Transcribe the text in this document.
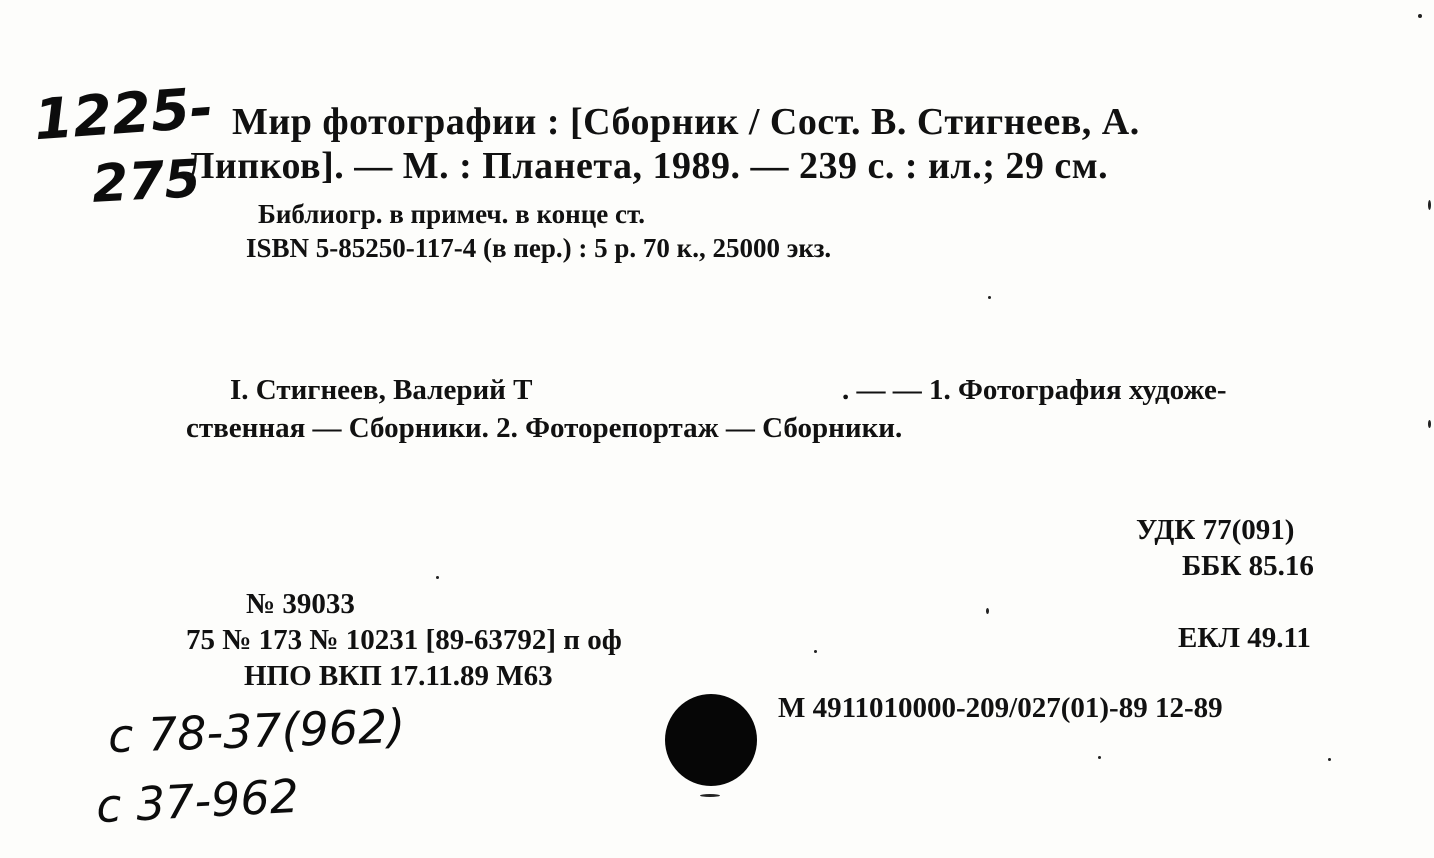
1225-
275
Мир фотографии : [Сборник / Сост. В. Стигнеев, А.
Липков]. — М. : Планета, 1989. — 239 с. : ил.; 29 см.
Библиогр. в примеч. в конце ст.
ISBN 5-85250-117-4 (в пер.) : 5 р. 70 к., 25000 экз.
I. Стигнеев, Валерий Т	. — — 1. Фотография художе-
ственная — Сборники. 2. Фоторепортаж — Сборники.
УДК 77(091)
ББК 85.16
ЕКЛ 49.11
М 4911010000-209/027(01)-89 12-89
№ 39033
75 № 173 № 10231 [89-63792] п оф
НПО ВКП 17.11.89 М63
с 78-37(962)
с 37-962
